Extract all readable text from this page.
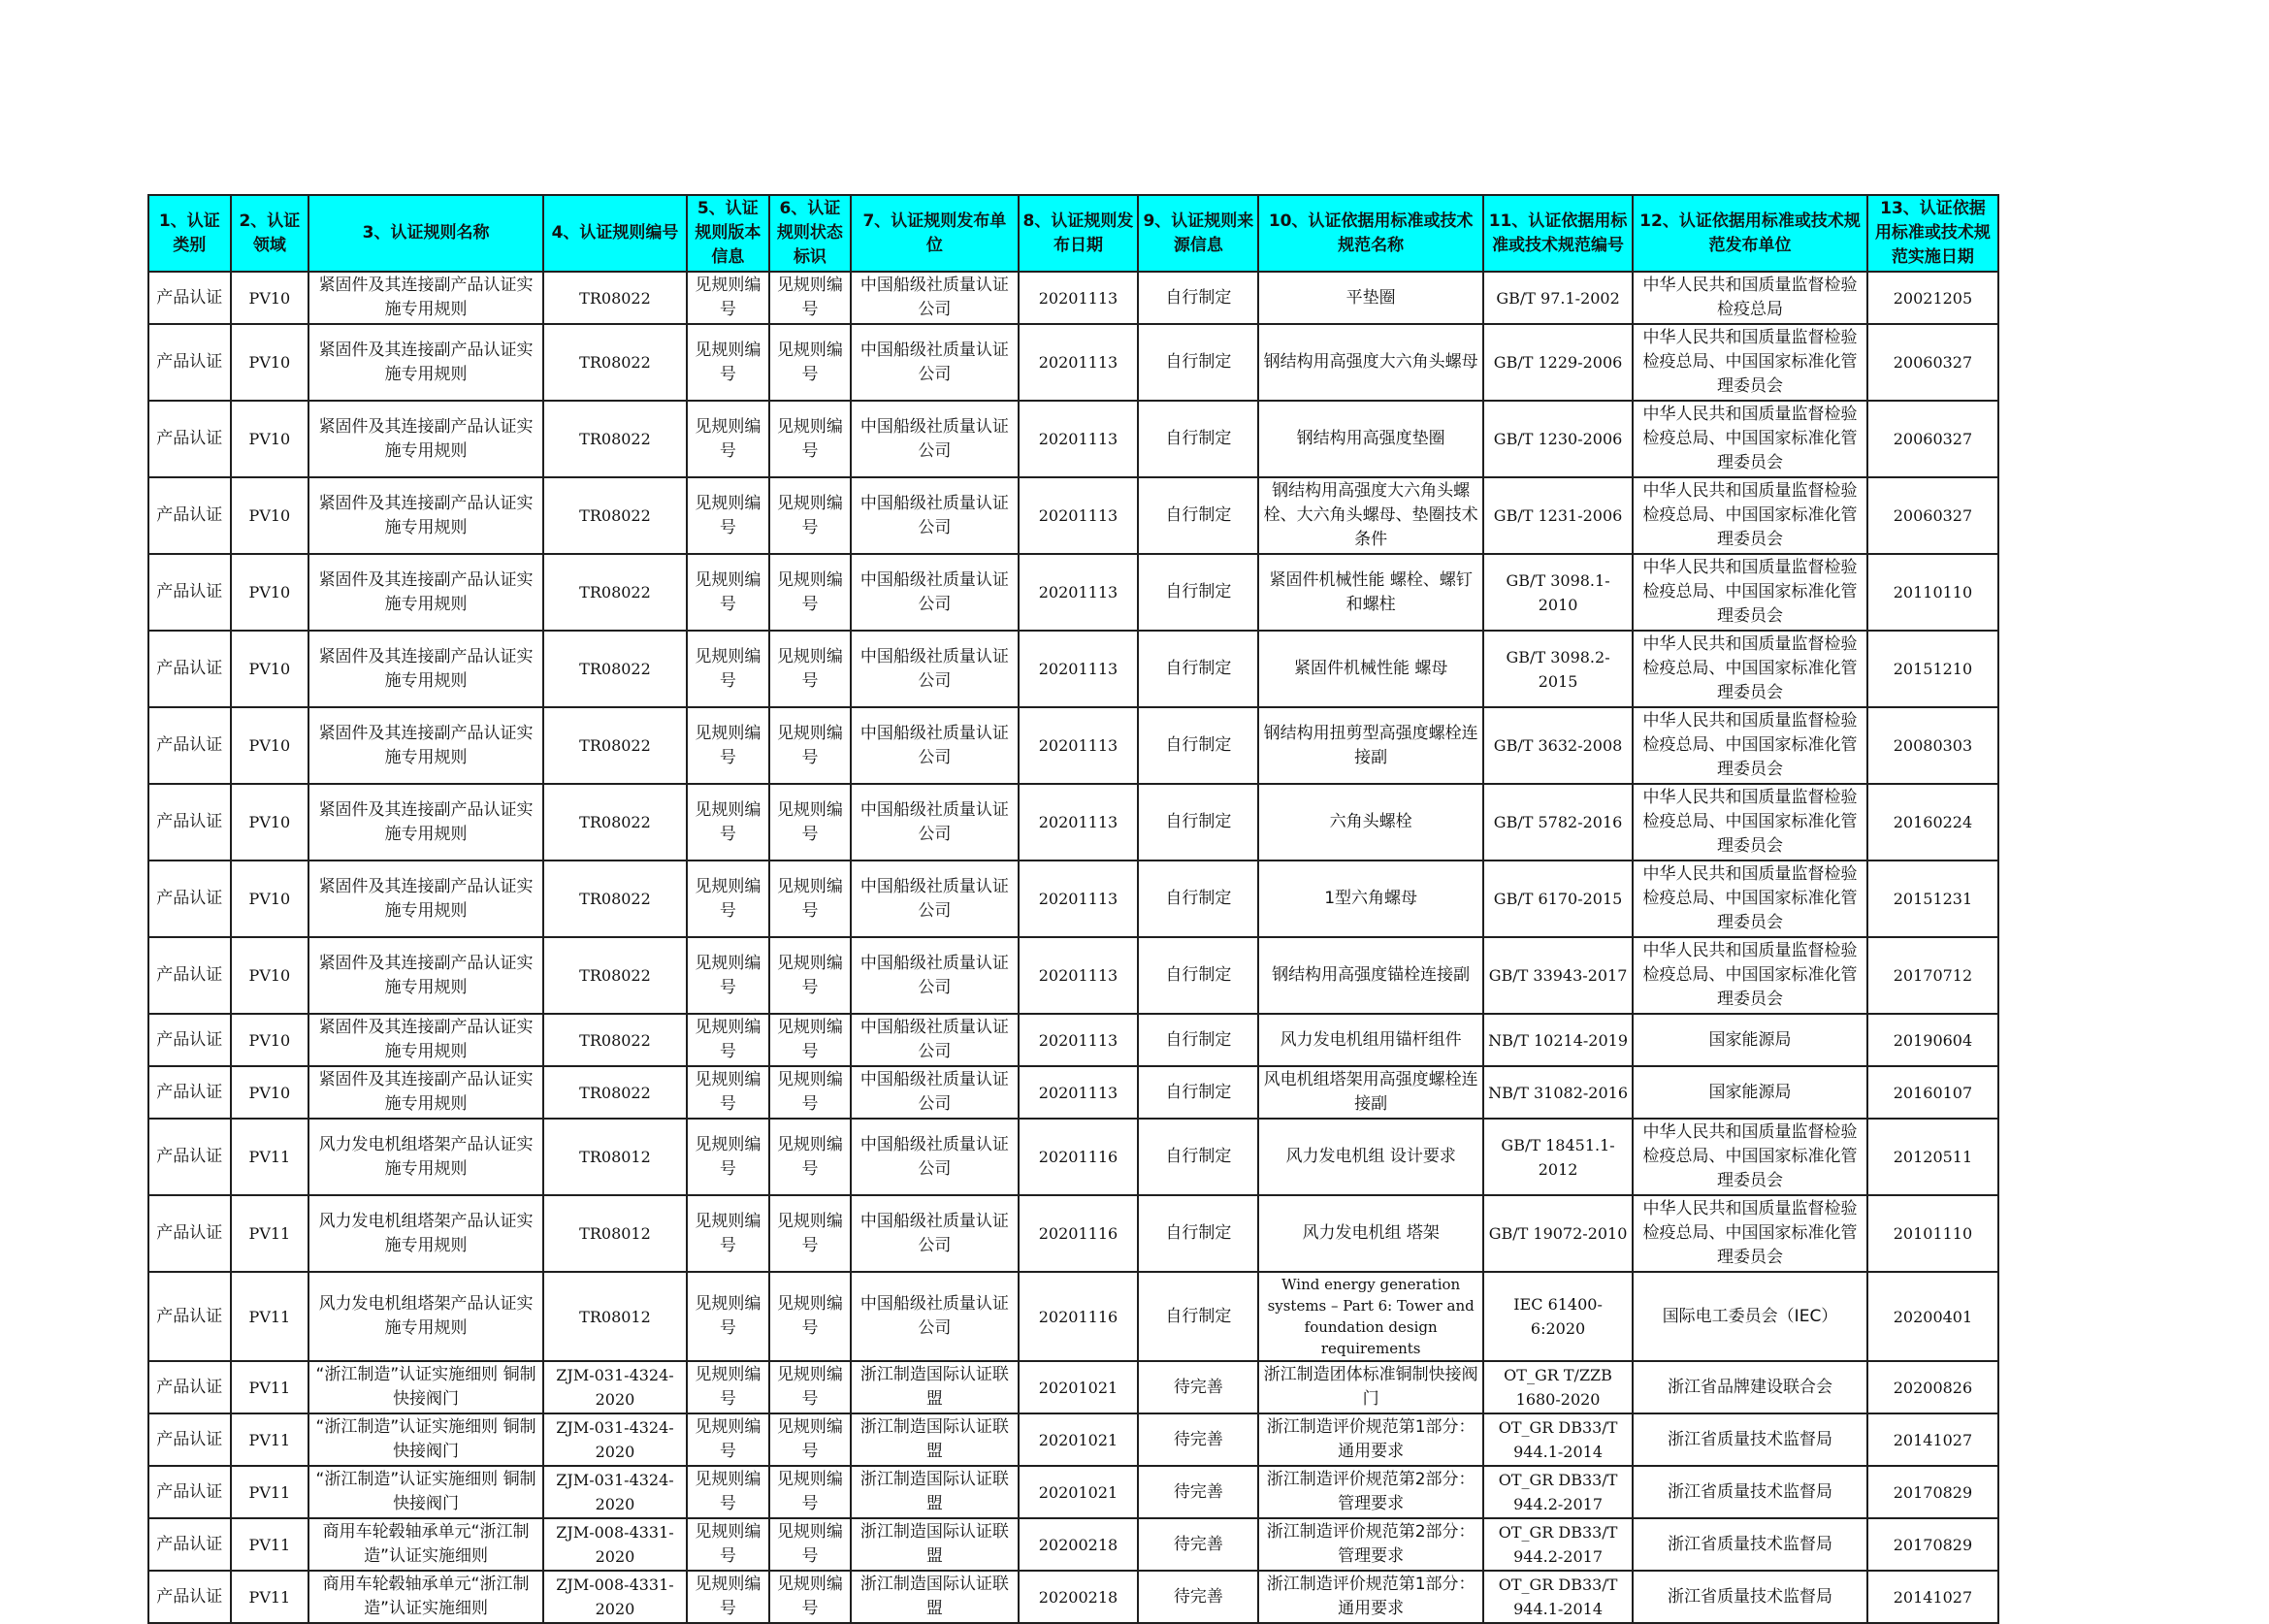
1、认证类别	2、认证领域	3、认证规则名称	4、认证规则编号	5、认证规则版本信息	6、认证规则状态标识	7、认证规则发布单位	8、认证规则发布日期	9、认证规则来源信息	10、认证依据用标准或技术规范名称	11、认证依据用标准或技术规范编号	12、认证依据用标准或技术规范发布单位	13、认证依据用标准或技术规范实施日期
产品认证	PV10	紧固件及其连接副产品认证实施专用规则	TR08022	见规则编号	见规则编号	中国船级社质量认证公司	20201113	自行制定	平垫圈	GB/T 97.1-2002	中华人民共和国质量监督检验检疫总局	20021205
产品认证	PV10	紧固件及其连接副产品认证实施专用规则	TR08022	见规则编号	见规则编号	中国船级社质量认证公司	20201113	自行制定	钢结构用高强度大六角头螺母	GB/T 1229-2006	中华人民共和国质量监督检验检疫总局、中国国家标准化管理委员会	20060327
产品认证	PV10	紧固件及其连接副产品认证实施专用规则	TR08022	见规则编号	见规则编号	中国船级社质量认证公司	20201113	自行制定	钢结构用高强度垫圈	GB/T 1230-2006	中华人民共和国质量监督检验检疫总局、中国国家标准化管理委员会	20060327
产品认证	PV10	紧固件及其连接副产品认证实施专用规则	TR08022	见规则编号	见规则编号	中国船级社质量认证公司	20201113	自行制定	钢结构用高强度大六角头螺栓、大六角头螺母、垫圈技术条件	GB/T 1231-2006	中华人民共和国质量监督检验检疫总局、中国国家标准化管理委员会	20060327
产品认证	PV10	紧固件及其连接副产品认证实施专用规则	TR08022	见规则编号	见规则编号	中国船级社质量认证公司	20201113	自行制定	紧固件机械性能 螺栓、螺钉和螺柱	GB/T 3098.1-2010	中华人民共和国质量监督检验检疫总局、中国国家标准化管理委员会	20110110
产品认证	PV10	紧固件及其连接副产品认证实施专用规则	TR08022	见规则编号	见规则编号	中国船级社质量认证公司	20201113	自行制定	紧固件机械性能 螺母	GB/T 3098.2-2015	中华人民共和国质量监督检验检疫总局、中国国家标准化管理委员会	20151210
产品认证	PV10	紧固件及其连接副产品认证实施专用规则	TR08022	见规则编号	见规则编号	中国船级社质量认证公司	20201113	自行制定	钢结构用扭剪型高强度螺栓连接副	GB/T 3632-2008	中华人民共和国质量监督检验检疫总局、中国国家标准化管理委员会	20080303
产品认证	PV10	紧固件及其连接副产品认证实施专用规则	TR08022	见规则编号	见规则编号	中国船级社质量认证公司	20201113	自行制定	六角头螺栓	GB/T 5782-2016	中华人民共和国质量监督检验检疫总局、中国国家标准化管理委员会	20160224
产品认证	PV10	紧固件及其连接副产品认证实施专用规则	TR08022	见规则编号	见规则编号	中国船级社质量认证公司	20201113	自行制定	1型六角螺母	GB/T 6170-2015	中华人民共和国质量监督检验检疫总局、中国国家标准化管理委员会	20151231
产品认证	PV10	紧固件及其连接副产品认证实施专用规则	TR08022	见规则编号	见规则编号	中国船级社质量认证公司	20201113	自行制定	钢结构用高强度锚栓连接副	GB/T 33943-2017	中华人民共和国质量监督检验检疫总局、中国国家标准化管理委员会	20170712
产品认证	PV10	紧固件及其连接副产品认证实施专用规则	TR08022	见规则编号	见规则编号	中国船级社质量认证公司	20201113	自行制定	风力发电机组用锚杆组件	NB/T 10214-2019	国家能源局	20190604
产品认证	PV10	紧固件及其连接副产品认证实施专用规则	TR08022	见规则编号	见规则编号	中国船级社质量认证公司	20201113	自行制定	风电机组塔架用高强度螺栓连接副	NB/T 31082-2016	国家能源局	20160107
产品认证	PV11	风力发电机组塔架产品认证实施专用规则	TR08012	见规则编号	见规则编号	中国船级社质量认证公司	20201116	自行制定	风力发电机组 设计要求	GB/T 18451.1-2012	中华人民共和国质量监督检验检疫总局、中国国家标准化管理委员会	20120511
产品认证	PV11	风力发电机组塔架产品认证实施专用规则	TR08012	见规则编号	见规则编号	中国船级社质量认证公司	20201116	自行制定	风力发电机组 塔架	GB/T 19072-2010	中华人民共和国质量监督检验检疫总局、中国国家标准化管理委员会	20101110
产品认证	PV11	风力发电机组塔架产品认证实施专用规则	TR08012	见规则编号	见规则编号	中国船级社质量认证公司	20201116	自行制定	Wind energy generation systems – Part 6: Tower and foundation design requirements	IEC 61400-6:2020	国际电工委员会（IEC）	20200401
产品认证	PV11	“浙江制造”认证实施细则 铜制快接阀门	ZJM-031-4324-2020	见规则编号	见规则编号	浙江制造国际认证联盟	20201021	待完善	浙江制造团体标准铜制快接阀门	OT_GR T/ZZB 1680-2020	浙江省品牌建设联合会	20200826
产品认证	PV11	“浙江制造”认证实施细则 铜制快接阀门	ZJM-031-4324-2020	见规则编号	见规则编号	浙江制造国际认证联盟	20201021	待完善	浙江制造评价规范第1部分：通用要求	OT_GR DB33/T 944.1-2014	浙江省质量技术监督局	20141027
产品认证	PV11	“浙江制造”认证实施细则 铜制快接阀门	ZJM-031-4324-2020	见规则编号	见规则编号	浙江制造国际认证联盟	20201021	待完善	浙江制造评价规范第2部分：管理要求	OT_GR DB33/T 944.2-2017	浙江省质量技术监督局	20170829
产品认证	PV11	商用车轮毂轴承单元“浙江制造”认证实施细则	ZJM-008-4331-2020	见规则编号	见规则编号	浙江制造国际认证联盟	20200218	待完善	浙江制造评价规范第2部分：管理要求	OT_GR DB33/T 944.2-2017	浙江省质量技术监督局	20170829
产品认证	PV11	商用车轮毂轴承单元“浙江制造”认证实施细则	ZJM-008-4331-2020	见规则编号	见规则编号	浙江制造国际认证联盟	20200218	待完善	浙江制造评价规范第1部分：通用要求	OT_GR DB33/T 944.1-2014	浙江省质量技术监督局	20141027
